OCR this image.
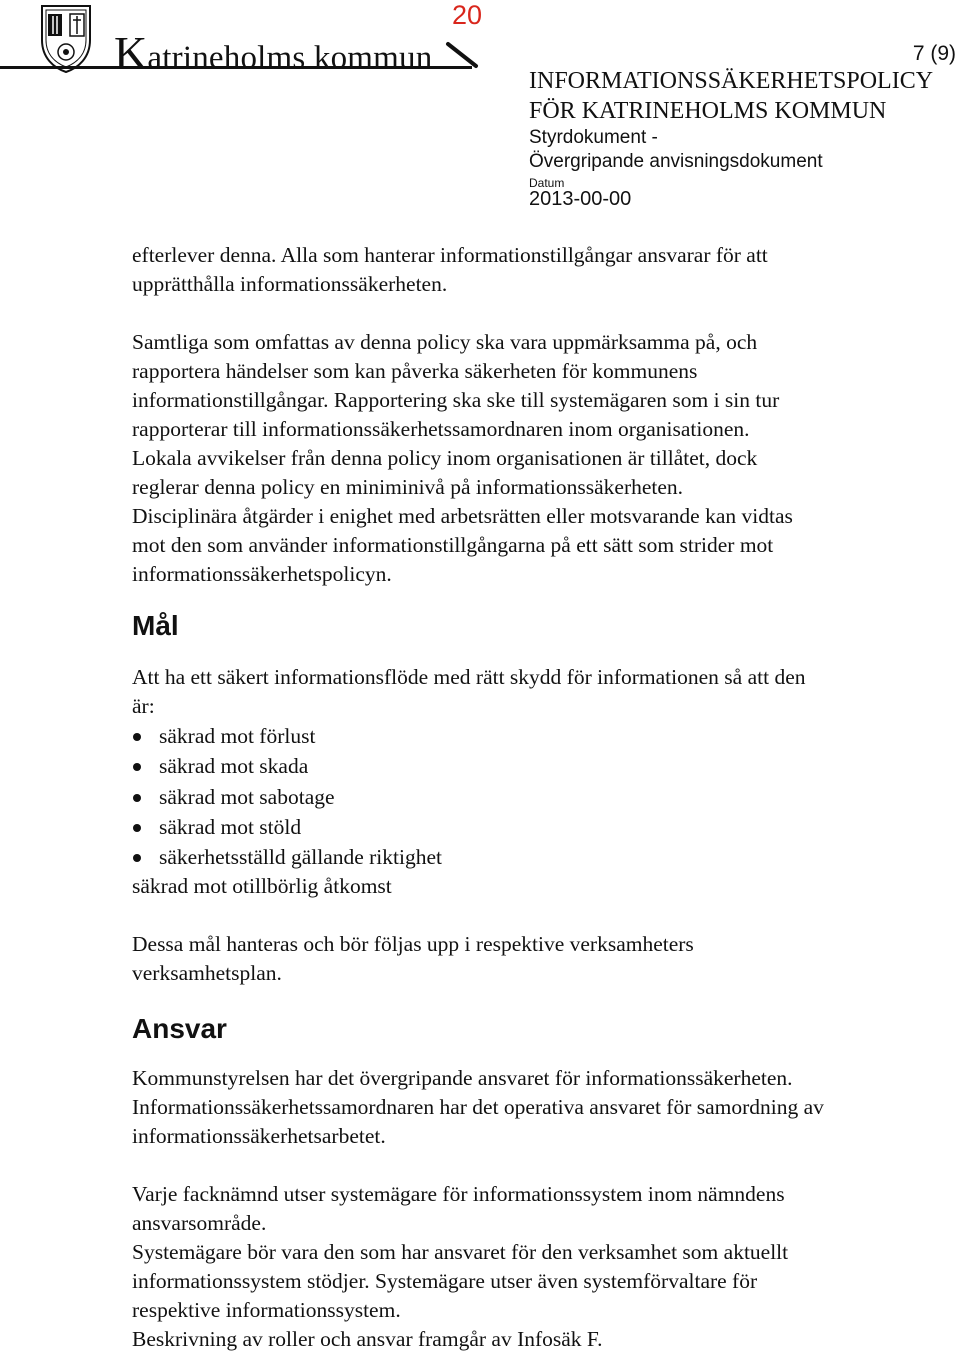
Katrineholms kommun
20
7 (9)
INFORMATIONSSÄKERHETSPOLICY
FÖR KATRINEHOLMS KOMMUN
Styrdokument -
Övergripande anvisningsdokument
Datum
2013-00-00

efterlever denna. Alla som hanterar informationstillgångar ansvarar för att

upprätthålla informationssäkerheten.

Samtliga som omfattas av denna policy ska vara uppmärksamma på, och

rapportera händelser som kan påverka säkerheten för kommunens

informationstillgångar. Rapportering ska ske till systemägaren som i sin tur

rapporterar till informationssäkerhetssamordnaren inom organisationen.

Lokala avvikelser från denna policy inom organisationen är tillåtet, dock

reglerar denna policy en miniminivå på informationssäkerheten.

Disciplinära åtgärder i enighet med arbetsrätten eller motsvarande kan vidtas

mot den som använder informationstillgångarna på ett sätt som strider mot

informationssäkerhetspolicyn.

Mål

Att ha ett säkert informationsflöde med rätt skydd för informationen så att den

är:

säkrad mot förlust
säkrad mot skada
säkrad mot sabotage
säkrad mot stöld
säkerhetsställd gällande riktighet

säkrad mot otillbörlig åtkomst

Dessa mål hanteras och bör följas upp i respektive verksamheters

verksamhetsplan.

Ansvar

Kommunstyrelsen har det övergripande ansvaret för informationssäkerheten.

Informationssäkerhetssamordnaren har det operativa ansvaret för samordning av

informationssäkerhetsarbetet.

Varje facknämnd utser systemägare för informationssystem inom nämndens

ansvarsområde.

Systemägare bör vara den som har ansvaret för den verksamhet som aktuellt

informationssystem stödjer. Systemägare utser även systemförvaltare för

respektive informationssystem.

Beskrivning av roller och ansvar framgår av Infosäk F.
